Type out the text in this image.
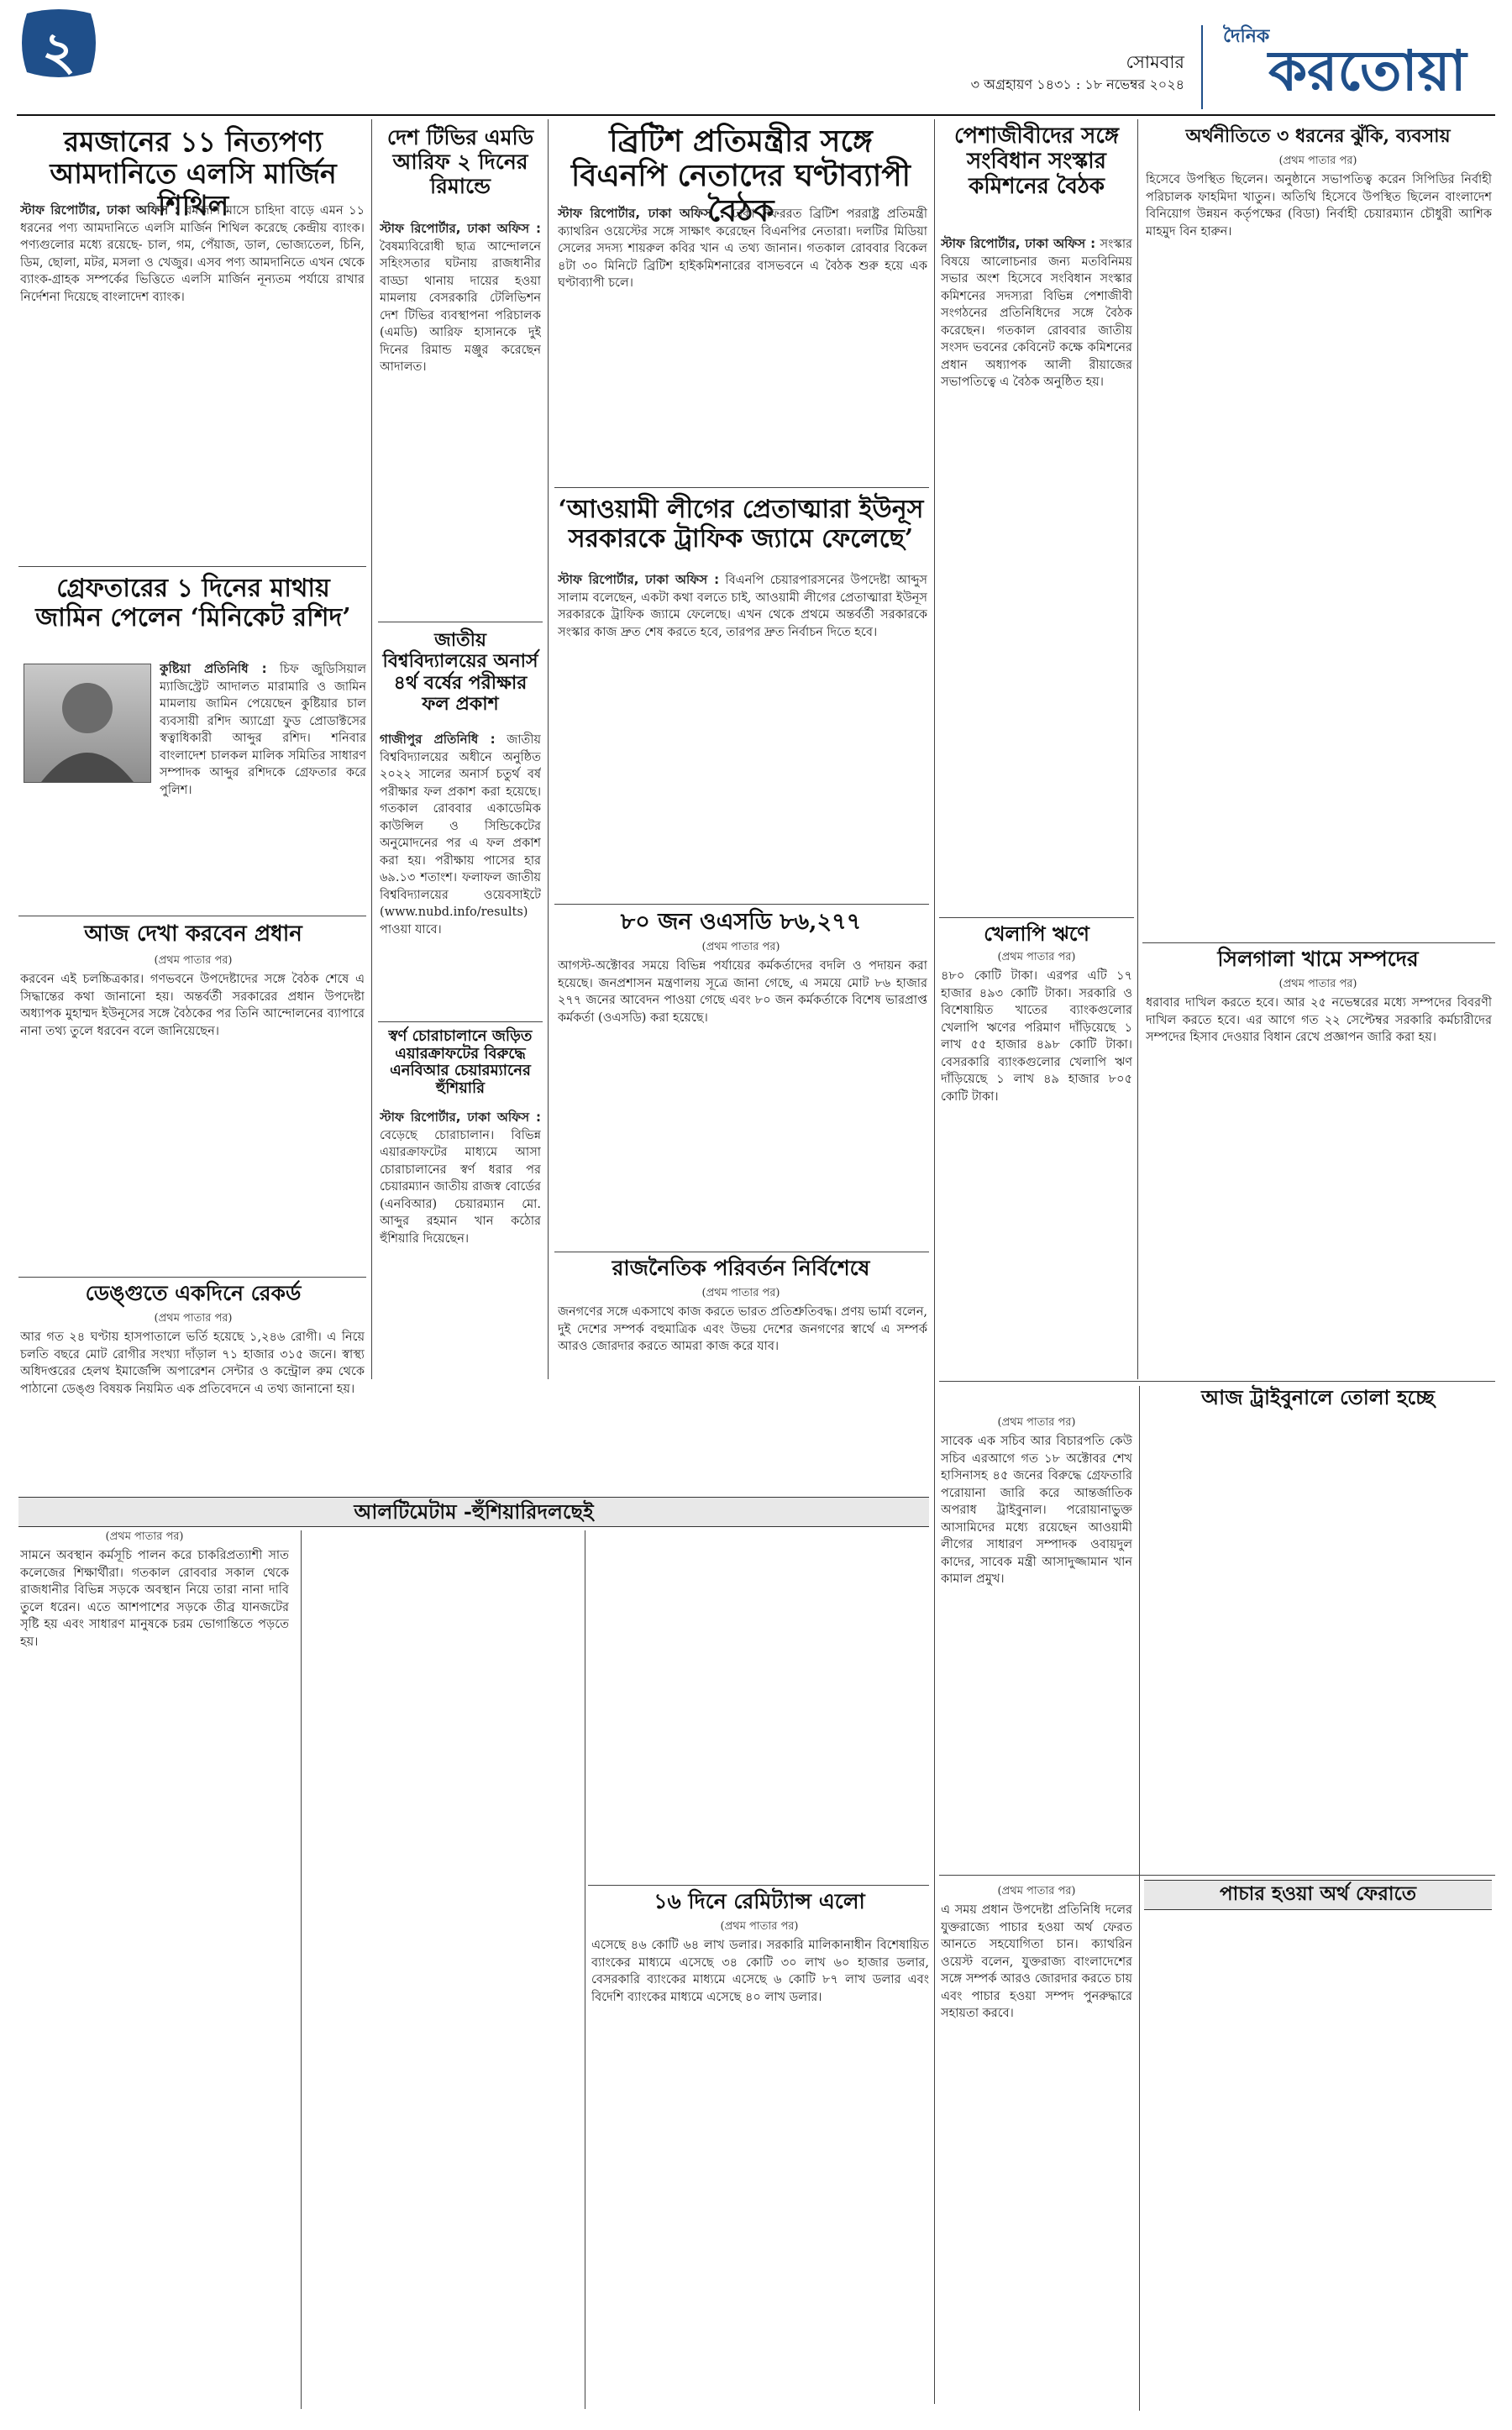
২	সোমবার
৩ অগ্রহায়ণ ১৪৩১ : ১৮ নভেম্বর ২০২৪
দৈনিক
করতোয়া
রমজানের ১১ নিত্যপণ্য আমদানিতে এলসি মার্জিন শিথিল
স্টাফ রিপোর্টার, ঢাকা অফিস : রমজান মাসে চাহিদা বাড়ে এমন ১১ ধরনের পণ্য আমদানিতে এলসি মার্জিন শিথিল করেছে কেন্দ্রীয় ব্যাংক। পণ্যগুলোর মধ্যে রয়েছে- চাল, গম, পেঁয়াজ, ডাল, ভোজ্যতেল, চিনি, ডিম, ছোলা, মটর, মসলা ও খেজুর। এসব পণ্য আমদানিতে এখন থেকে ব্যাংক-গ্রাহক সম্পর্কের ভিত্তিতে এলসি মার্জিন নূন্যতম পর্যায়ে রাখার নির্দেশনা দিয়েছে বাংলাদেশ ব্যাংক।
গ্রেফতারের ১ দিনের মাথায় জামিন পেলেন ‘মিনিকেট রশিদ’
কুষ্টিয়া প্রতিনিধি : চিফ জুডিসিয়াল ম্যাজিস্ট্রেট আদালত মারামারি ও জামিন মামলায় জামিন পেয়েছেন কুষ্টিয়ার চাল ব্যবসায়ী রশিদ অ্যাগ্রো ফুড প্রোডাক্টসের স্বত্বাধিকারী আব্দুর রশিদ। শনিবার বাংলাদেশ চালকল মালিক সমিতির সাধারণ সম্পাদক আব্দুর রশিদকে গ্রেফতার করে পুলিশ।
আজ দেখা করবেন প্রধান
(প্রথম পাতার পর)
করবেন এই চলচ্চিত্রকার। গণভবনে উপদেষ্টাদের সঙ্গে বৈঠক শেষে এ সিদ্ধান্তের কথা জানানো হয়। অন্তর্বর্তী সরকারের প্রধান উপদেষ্টা অধ্যাপক মুহাম্মদ ইউনূসের সঙ্গে বৈঠকের পর তিনি আন্দোলনের ব্যাপারে নানা তথ্য তুলে ধরবেন বলে জানিয়েছেন।
ডেঙ্গুতে একদিনে রেকর্ড
(প্রথম পাতার পর)
আর গত ২৪ ঘণ্টায় হাসপাতালে ভর্তি হয়েছে ১,২৪৬ রোগী। এ নিয়ে চলতি বছরে মোট রোগীর সংখ্যা দাঁড়াল ৭১ হাজার ৩১৫ জনে। স্বাস্থ্য অধিদপ্তরের হেলথ ইমার্জেন্সি অপারেশন সেন্টার ও কন্ট্রোল রুম থেকে পাঠানো ডেঙ্গু বিষয়ক নিয়মিত এক প্রতিবেদনে এ তথ্য জানানো হয়।
দেশ টিভির এমডি আরিফ ২ দিনের রিমান্ডে
স্টাফ রিপোর্টার, ঢাকা অফিস : বৈষম্যবিরোধী ছাত্র আন্দোলনে সহিংসতার ঘটনায় রাজধানীর বাড্ডা থানায় দায়ের হওয়া মামলায় বেসরকারি টেলিভিশন দেশ টিভির ব্যবস্থাপনা পরিচালক (এমডি) আরিফ হাসানকে দুই দিনের রিমান্ড মঞ্জুর করেছেন আদালত।
জাতীয় বিশ্ববিদ্যালয়ের অনার্স ৪র্থ বর্ষের পরীক্ষার ফল প্রকাশ
গাজীপুর প্রতিনিধি : জাতীয় বিশ্ববিদ্যালয়ের অধীনে অনুষ্ঠিত ২০২২ সালের অনার্স চতুর্থ বর্ষ পরীক্ষার ফল প্রকাশ করা হয়েছে। গতকাল রোববার একাডেমিক কাউন্সিল ও সিন্ডিকেটের অনুমোদনের পর এ ফল প্রকাশ করা হয়। পরীক্ষায় পাসের হার ৬৯.১৩ শতাংশ। ফলাফল জাতীয় বিশ্ববিদ্যালয়ের ওয়েবসাইটে (www.nubd.info/results) পাওয়া যাবে।
স্বর্ণ চোরাচালানে জড়িত এয়ারক্রাফটের বিরুদ্ধে এনবিআর চেয়ারম্যানের হুঁশিয়ারি
স্টাফ রিপোর্টার, ঢাকা অফিস : বেড়েছে চোরাচালান। বিভিন্ন এয়ারক্রাফটের মাধ্যমে আসা চোরাচালানের স্বর্ণ ধরার পর চেয়ারম্যান জাতীয় রাজস্ব বোর্ডের (এনবিআর) চেয়ারম্যান মো. আব্দুর রহমান খান কঠোর হুঁশিয়ারি দিয়েছেন।
আলটিমেটাম -হুঁশিয়ারিদলছেই
(প্রথম পাতার পর)
সামনে অবস্থান কর্মসূচি পালন করে চাকরিপ্রত্যাশী সাত কলেজের শিক্ষার্থীরা। গতকাল রোববার সকাল থেকে রাজধানীর বিভিন্ন সড়কে অবস্থান নিয়ে তারা নানা দাবি তুলে ধরেন। এতে আশপাশের সড়কে তীব্র যানজটের সৃষ্টি হয় এবং সাধারণ মানুষকে চরম ভোগান্তিতে পড়তে হয়।
ব্রিটিশ প্রতিমন্ত্রীর সঙ্গে বিএনপি নেতাদের ঘণ্টাব্যাপী বৈঠক
স্টাফ রিপোর্টার, ঢাকা অফিস : ঢাকা সফররত ব্রিটিশ পররাষ্ট্র প্রতিমন্ত্রী ক্যাথরিন ওয়েস্টের সঙ্গে সাক্ষাৎ করেছেন বিএনপির নেতারা। দলটির মিডিয়া সেলের সদস্য শায়রুল কবির খান এ তথ্য জানান। গতকাল রোববার বিকেল ৪টা ৩০ মিনিটে ব্রিটিশ হাইকমিশনারের বাসভবনে এ বৈঠক শুরু হয়ে এক ঘণ্টাব্যাপী চলে।
‘আওয়ামী লীগের প্রেতাত্মারা ইউনূস সরকারকে ট্রাফিক জ্যামে ফেলেছে’
স্টাফ রিপোর্টার, ঢাকা অফিস : বিএনপি চেয়ারপারসনের উপদেষ্টা আব্দুস সালাম বলেছেন, একটা কথা বলতে চাই, আওয়ামী লীগের প্রেতাত্মারা ইউনূস সরকারকে ট্রাফিক জ্যামে ফেলেছে। এখন থেকে প্রথমে অন্তর্বর্তী সরকারকে সংস্কার কাজ দ্রুত শেষ করতে হবে, তারপর দ্রুত নির্বাচন দিতে হবে।
৮০ জন ওএসডি ৮৬,২৭৭
(প্রথম পাতার পর)
আগস্ট-অক্টোবর সময়ে বিভিন্ন পর্যায়ের কর্মকর্তাদের বদলি ও পদায়ন করা হয়েছে। জনপ্রশাসন মন্ত্রণালয় সূত্রে জানা গেছে, এ সময়ে মোট ৮৬ হাজার ২৭৭ জনের আবেদন পাওয়া গেছে এবং ৮০ জন কর্মকর্তাকে বিশেষ ভারপ্রাপ্ত কর্মকর্তা (ওএসডি) করা হয়েছে।
রাজনৈতিক পরিবর্তন নির্বিশেষে
(প্রথম পাতার পর)
জনগণের সঙ্গে একসাথে কাজ করতে ভারত প্রতিশ্রুতিবদ্ধ। প্রণয় ভার্মা বলেন, দুই দেশের সম্পর্ক বহুমাত্রিক এবং উভয় দেশের জনগণের স্বার্থে এ সম্পর্ক আরও জোরদার করতে আমরা কাজ করে যাব।
১৬ দিনে রেমিট্যান্স এলো
(প্রথম পাতার পর)
এসেছে ৪৬ কোটি ৬৪ লাখ ডলার। সরকারি মালিকানাধীন বিশেষায়িত ব্যাংকের মাধ্যমে এসেছে ৩৪ কোটি ৩০ লাখ ৬০ হাজার ডলার, বেসরকারি ব্যাংকের মাধ্যমে এসেছে ৬ কোটি ৮৭ লাখ ডলার এবং বিদেশি ব্যাংকের মাধ্যমে এসেছে ৪০ লাখ ডলার।
পেশাজীবীদের সঙ্গে সংবিধান সংস্কার কমিশনের বৈঠক
স্টাফ রিপোর্টার, ঢাকা অফিস : সংস্কার বিষয়ে আলোচনার জন্য মতবিনিময় সভার অংশ হিসেবে সংবিধান সংস্কার কমিশনের সদস্যরা বিভিন্ন পেশাজীবী সংগঠনের প্রতিনিধিদের সঙ্গে বৈঠক করেছেন। গতকাল রোববার জাতীয় সংসদ ভবনের কেবিনেট কক্ষে কমিশনের প্রধান অধ্যাপক আলী রীয়াজের সভাপতিত্বে এ বৈঠক অনুষ্ঠিত হয়।
খেলাপি ঋণে
(প্রথম পাতার পর)
৪৮০ কোটি টাকা। এরপর এটি ১৭ হাজার ৪৯৩ কোটি টাকা। সরকারি ও বিশেষায়িত খাতের ব্যাংকগুলোর খেলাপি ঋণের পরিমাণ দাঁড়িয়েছে ১ লাখ ৫৫ হাজার ৪৯৮ কোটি টাকা। বেসরকারি ব্যাংকগুলোর খেলাপি ঋণ দাঁড়িয়েছে ১ লাখ ৪৯ হাজার ৮০৫ কোটি টাকা।
অর্থনীতিতে ৩ ধরনের ঝুঁকি, ব্যবসায়
(প্রথম পাতার পর)
হিসেবে উপস্থিত ছিলেন। অনুষ্ঠানে সভাপতিত্ব করেন সিপিডির নির্বাহী পরিচালক ফাহমিদা খাতুন। অতিথি হিসেবে উপস্থিত ছিলেন বাংলাদেশ বিনিয়োগ উন্নয়ন কর্তৃপক্ষের (বিডা) নির্বাহী চেয়ারম্যান চৌধুরী আশিক মাহমুদ বিন হারুন।
সিলগালা খামে সম্পদের
(প্রথম পাতার পর)
ধরাবার দাখিল করতে হবে। আর ২৫ নভেম্বরের মধ্যে সম্পদের বিবরণী দাখিল করতে হবে। এর আগে গত ২২ সেপ্টেম্বর সরকারি কর্মচারীদের সম্পদের হিসাব দেওয়ার বিধান রেখে প্রজ্ঞাপন জারি করা হয়।
আজ ট্রাইবুনালে তোলা হচ্ছে
(প্রথম পাতার পর)
সাবেক এক সচিব আর বিচারপতি কেউ সচিব এরআগে গত ১৮ অক্টোবর শেখ হাসিনাসহ ৪৫ জনের বিরুদ্ধে গ্রেফতারি পরোয়ানা জারি করে আন্তর্জাতিক অপরাধ ট্রাইবুনাল। পরোয়ানাভুক্ত আসামিদের মধ্যে রয়েছেন আওয়ামী লীগের সাধারণ সম্পাদক ওবায়দুল কাদের, সাবেক মন্ত্রী আসাদুজ্জামান খান কামাল প্রমুখ।
পাচার হওয়া অর্থ ফেরাতে
(প্রথম পাতার পর)
এ সময় প্রধান উপদেষ্টা প্রতিনিধি দলের যুক্তরাজ্যে পাচার হওয়া অর্থ ফেরত আনতে সহযোগিতা চান। ক্যাথরিন ওয়েস্ট বলেন, যুক্তরাজ্য বাংলাদেশের সঙ্গে সম্পর্ক আরও জোরদার করতে চায় এবং পাচার হওয়া সম্পদ পুনরুদ্ধারে সহায়তা করবে।
